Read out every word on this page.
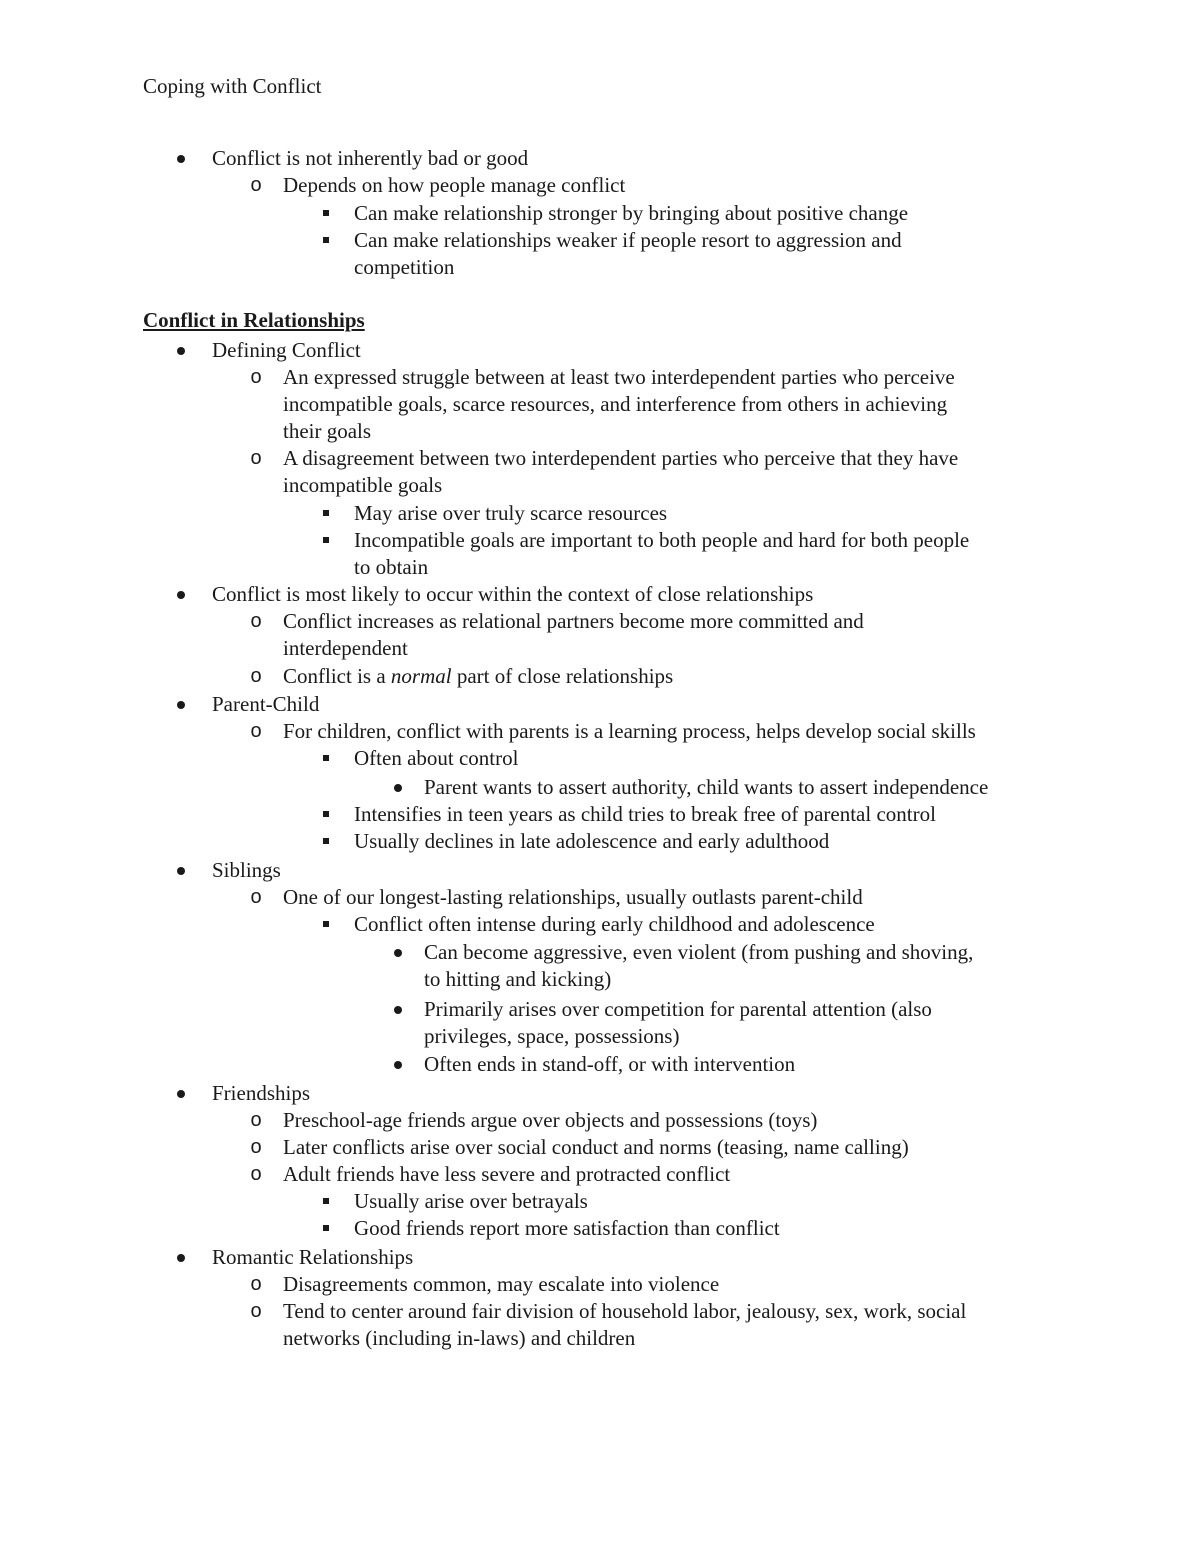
Coping with Conflict
Conflict is not inherently bad or good
o	Depends on how people manage conflict
Can make relationship stronger by bringing about positive change
Can make relationships weaker if people resort to aggression and
competition
Conflict in Relationships
Defining Conflict
o	An expressed struggle between at least two interdependent parties who perceive
incompatible goals, scarce resources, and interference from others in achieving
their goals
o	A disagreement between two interdependent parties who perceive that they have
incompatible goals
May arise over truly scarce resources
Incompatible goals are important to both people and hard for both people
to obtain
Conflict is most likely to occur within the context of close relationships
o	Conflict increases as relational partners become more committed and
interdependent
o	Conflict is a normal part of close relationships
Parent-Child
o	For children, conflict with parents is a learning process, helps develop social skills
Often about control
Parent wants to assert authority, child wants to assert independence
Intensifies in teen years as child tries to break free of parental control
Usually declines in late adolescence and early adulthood
Siblings
o	One of our longest-lasting relationships, usually outlasts parent-child
Conflict often intense during early childhood and adolescence
Can become aggressive, even violent (from pushing and shoving,
to hitting and kicking)
Primarily arises over competition for parental attention (also
privileges, space, possessions)
Often ends in stand-off, or with intervention
Friendships
o	Preschool-age friends argue over objects and possessions (toys)
o	Later conflicts arise over social conduct and norms (teasing, name calling)
o	Adult friends have less severe and protracted conflict
Usually arise over betrayals
Good friends report more satisfaction than conflict
Romantic Relationships
o	Disagreements common, may escalate into violence
o	Tend to center around fair division of household labor, jealousy, sex, work, social
networks (including in-laws) and children
